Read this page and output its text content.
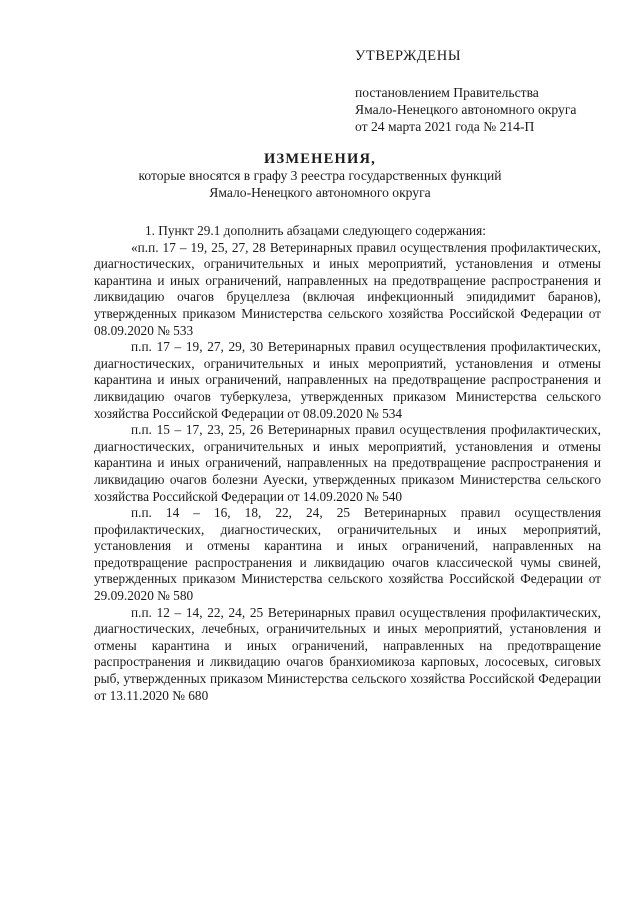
УТВЕРЖДЕНЫ
постановлением Правительства
Ямало-Ненецкого автономного округа
от 24 марта 2021 года № 214-П
ИЗМЕНЕНИЯ,
которые вносятся в графу 3 реестра государственных функций
Ямало-Ненецкого автономного округа

1. Пункт 29.1 дополнить абзацами следующего содержания:

«п.п. 17 – 19, 25, 27, 28 Ветеринарных правил осуществления профилактических, диагностических, ограничительных и иных мероприятий, установления и отмены карантина и иных ограничений, направленных на предотвращение распространения и ликвидацию очагов бруцеллеза (включая инфекционный эпидидимит баранов), утвержденных приказом Министерства сельского хозяйства Российской Федерации от 08.09.2020 № 533

п.п. 17 – 19, 27, 29, 30 Ветеринарных правил осуществления профилактических, диагностических, ограничительных и иных мероприятий, установления и отмены карантина и иных ограничений, направленных на предотвращение распространения и ликвидацию очагов туберкулеза, утвержденных приказом Министерства сельского хозяйства Российской Федерации от 08.09.2020 № 534

п.п. 15 – 17, 23, 25, 26 Ветеринарных правил осуществления профилактических, диагностических, ограничительных и иных мероприятий, установления и отмены карантина и иных ограничений, направленных на предотвращение распространения и ликвидацию очагов болезни Ауески, утвержденных приказом Министерства сельского хозяйства Российской Федерации от 14.09.2020 № 540

п.п. 14 – 16, 18, 22, 24, 25 Ветеринарных правил осуществления профилактических, диагностических, ограничительных и иных мероприятий, установления и отмены карантина и иных ограничений, направленных на предотвращение распространения и ликвидацию очагов классической чумы свиней, утвержденных приказом Министерства сельского хозяйства Российской Федерации от 29.09.2020 № 580

п.п. 12 – 14, 22, 24, 25 Ветеринарных правил осуществления профилактических, диагностических, лечебных, ограничительных и иных мероприятий, установления и отмены карантина и иных ограничений, направленных на предотвращение распространения и ликвидацию очагов бранхиомикоза карповых, лососевых, сиговых рыб, утвержденных приказом Министерства сельского хозяйства Российской Федерации от 13.11.2020 № 680
